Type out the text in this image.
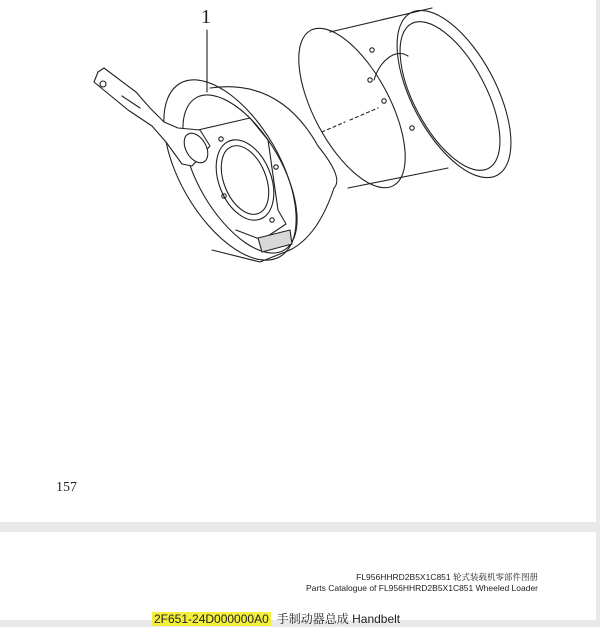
1
157
FL956HHRD2B5X1C851 轮式装载机零部件图册
Parts Catalogue of FL956HHRD2B5X1C851 Wheeled Loader
2F651-24D000000A0 手制动器总成 Handbelt
